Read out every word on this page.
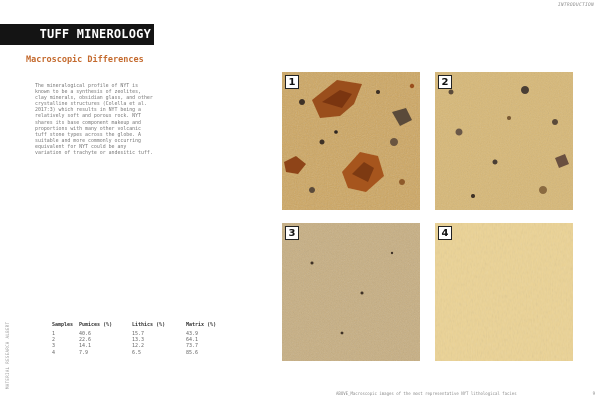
INTRODUCTION
TUFF MINEROLOGY
Macroscopic Differences

The mineralogical profile of NYT is known to be a synthesis of zeolites, clay minerals, obsidian glass, and other crystalline structures (Colella et al. 2017:3) which results in NYT being a relatively soft and porous rock. NYT shares its base component makeup and proportions with many other volcanic tuff stone types across the globe. A suitable and more commonly occurring equivalent for NYT could be any variation of trachyte or andesitic tuff.

MATERIAL RESEARCH ALBERT	Samples	Pumices (%)	Lithics (%)	Matrix (%)
1	40.6	15.7	43.9
2	22.6	13.3	64.1
3	14.1	12.2	73.7
4	7.9	6.5	85.6
1	2
3	4
ABOVE_Macroscopic images of the most representative NYT lithological facies	9
